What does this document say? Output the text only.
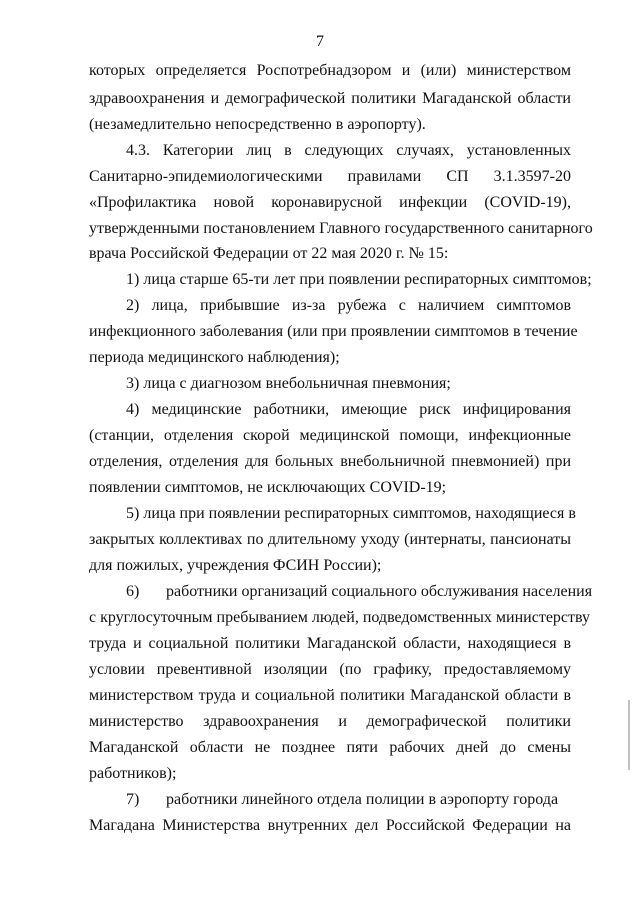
7
которых определяется Роспотребнадзором и (или) министерством
здравоохранения и демографической политики Магаданской области
(незамедлительно непосредственно в аэропорту).
4.3. Категории лиц в следующих случаях, установленных
Санитарно-эпидемиологическими правилами СП 3.1.3597-20
«Профилактика новой коронавирусной инфекции (COVID-19),
утвержденными постановлением Главного государственного санитарного
врача Российской Федерации от 22 мая 2020 г. № 15:
1) лица старше 65-ти лет при появлении респираторных симптомов;
2) лица, прибывшие из-за рубежа с наличием симптомов
инфекционного заболевания (или при проявлении симптомов в течение
периода медицинского наблюдения);
3) лица с диагнозом внебольничная пневмония;
4) медицинские работники, имеющие риск инфицирования
(станции, отделения скорой медицинской помощи, инфекционные
отделения, отделения для больных внебольничной пневмонией) при
появлении симптомов, не исключающих COVID-19;
5) лица при появлении респираторных симптомов, находящиеся в
закрытых коллективах по длительному уходу (интернаты, пансионаты
для пожилых, учреждения ФСИН России);
6) работники организаций социального обслуживания населения
с круглосуточным пребыванием людей, подведомственных министерству
труда и социальной политики Магаданской области, находящиеся в
условии превентивной изоляции (по графику, предоставляемому
министерством труда и социальной политики Магаданской области в
министерство здравоохранения и демографической политики
Магаданской области не позднее пяти рабочих дней до смены
работников);
7) работники линейного отдела полиции в аэропорту города
Магадана Министерства внутренних дел Российской Федерации на
